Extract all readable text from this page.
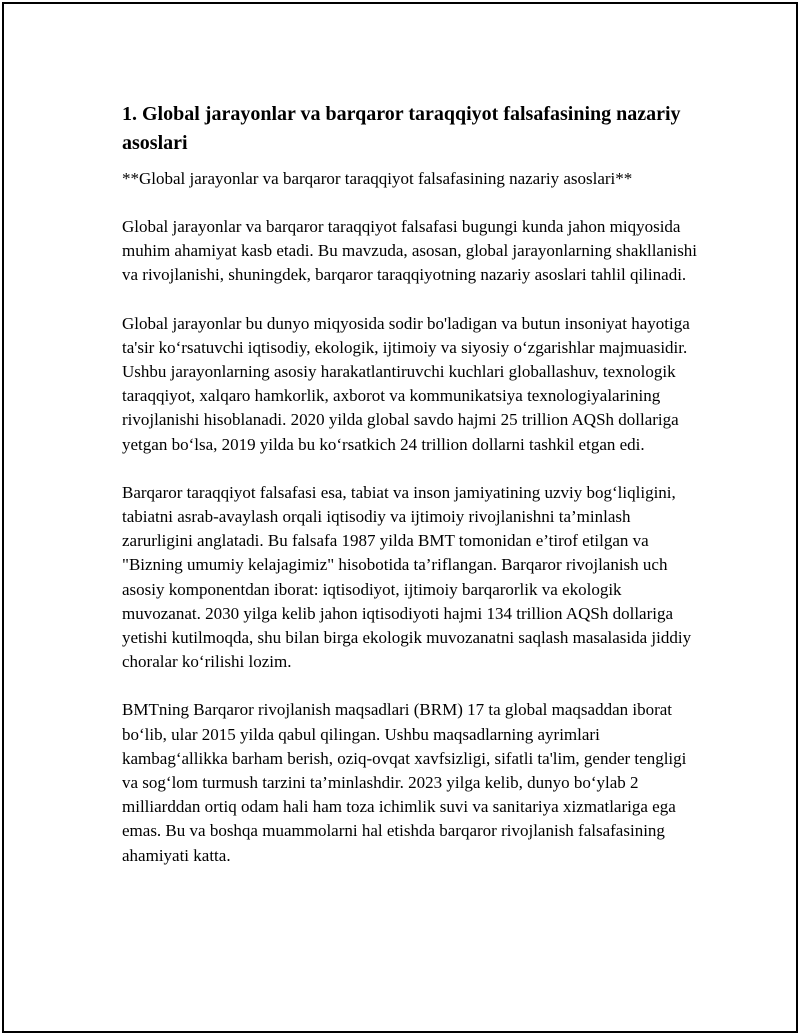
1. Global jarayonlar va barqaror taraqqiyot falsafasining nazariy asoslari

**Global jarayonlar va barqaror taraqqiyot falsafasining nazariy asoslari**

Global jarayonlar va barqaror taraqqiyot falsafasi bugungi kunda jahon miqyosida muhim ahamiyat kasb etadi. Bu mavzuda, asosan, global jarayonlarning shakllanishi va rivojlanishi, shuningdek, barqaror taraqqiyotning nazariy asoslari tahlil qilinadi.

Global jarayonlar bu dunyo miqyosida sodir bo'ladigan va butun insoniyat hayotiga ta'sir ko‘rsatuvchi iqtisodiy, ekologik, ijtimoiy va siyosiy o‘zgarishlar majmuasidir. Ushbu jarayonlarning asosiy harakatlantiruvchi kuchlari globallashuv, texnologik taraqqiyot, xalqaro hamkorlik, axborot va kommunikatsiya texnologiyalarining rivojlanishi hisoblanadi. 2020 yilda global savdo hajmi 25 trillion AQSh dollariga yetgan bo‘lsa, 2019 yilda bu ko‘rsatkich 24 trillion dollarni tashkil etgan edi.

Barqaror taraqqiyot falsafasi esa, tabiat va inson jamiyatining uzviy bog‘liqligini, tabiatni asrab-avaylash orqali iqtisodiy va ijtimoiy rivojlanishni ta’minlash zarurligini anglatadi. Bu falsafa 1987 yilda BMT tomonidan e’tirof etilgan va "Bizning umumiy kelajagimiz" hisobotida ta’riflangan. Barqaror rivojlanish uch asosiy komponentdan iborat: iqtisodiyot, ijtimoiy barqarorlik va ekologik muvozanat. 2030 yilga kelib jahon iqtisodiyoti hajmi 134 trillion AQSh dollariga yetishi kutilmoqda, shu bilan birga ekologik muvozanatni saqlash masalasida jiddiy choralar ko‘rilishi lozim.

BMTning Barqaror rivojlanish maqsadlari (BRM) 17 ta global maqsaddan iborat bo‘lib, ular 2015 yilda qabul qilingan. Ushbu maqsadlarning ayrimlari kambag‘allikka barham berish, oziq-ovqat xavfsizligi, sifatli ta'lim, gender tengligi va sog‘lom turmush tarzini ta’minlashdir. 2023 yilga kelib, dunyo bo‘ylab 2 milliarddan ortiq odam hali ham toza ichimlik suvi va sanitariya xizmatlariga ega emas. Bu va boshqa muammolarni hal etishda barqaror rivojlanish falsafasining ahamiyati katta.
